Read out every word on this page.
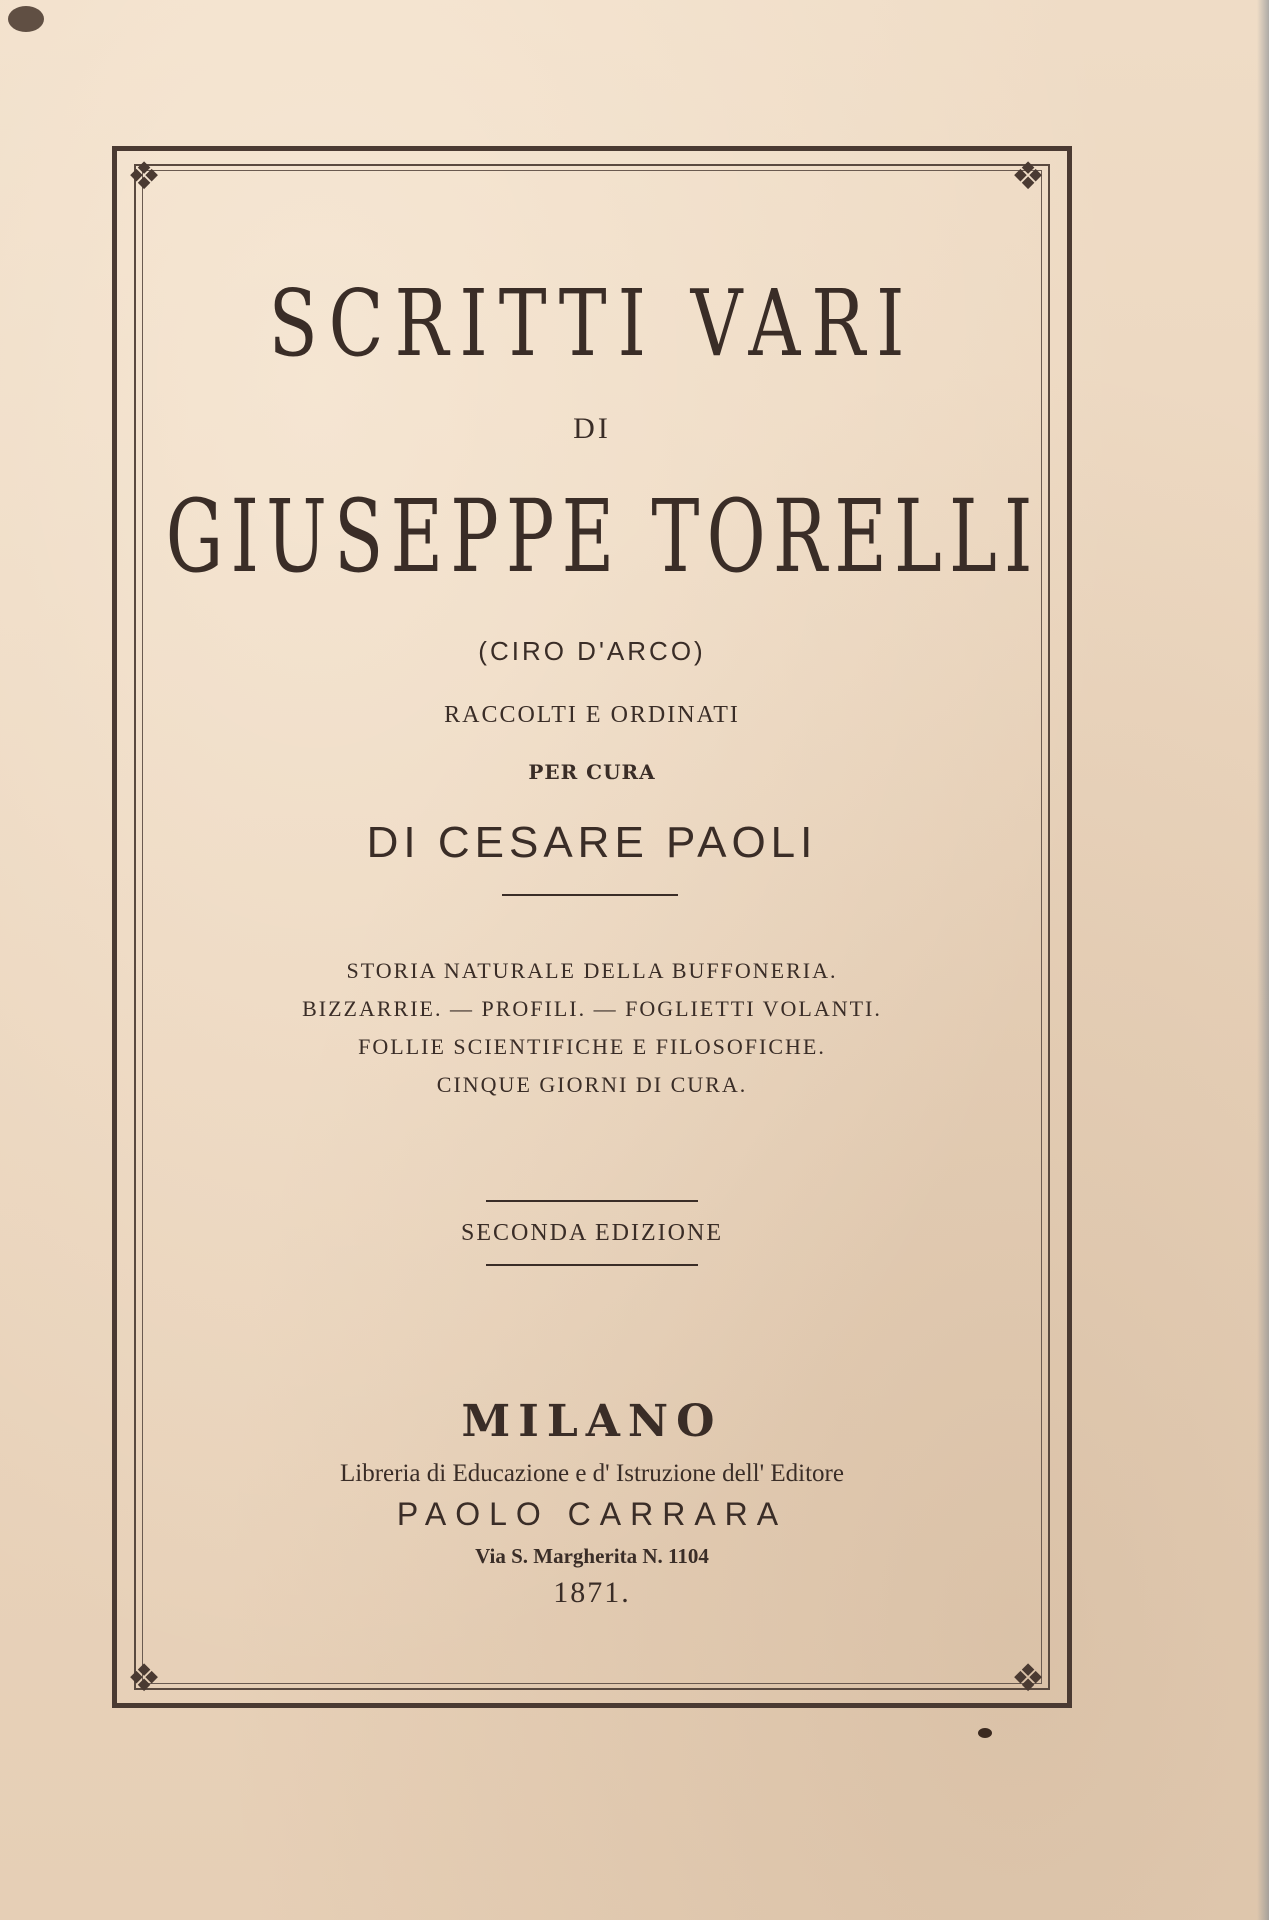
❖	❖
❖	❖
SCRITTI VARI
DI
GIUSEPPE TORELLI
(CIRO D'ARCO)
RACCOLTI E ORDINATI
PER CURA
DI CESARE PAOLI
STORIA NATURALE DELLA BUFFONERIA.
BIZZARRIE. — PROFILI. — FOGLIETTI VOLANTI.
FOLLIE SCIENTIFICHE E FILOSOFICHE.
CINQUE GIORNI DI CURA.
SECONDA EDIZIONE
MILANO
Libreria di Educazione e d' Istruzione dell' Editore
PAOLO CARRARA
Via S. Margherita N. 1104
1871.
